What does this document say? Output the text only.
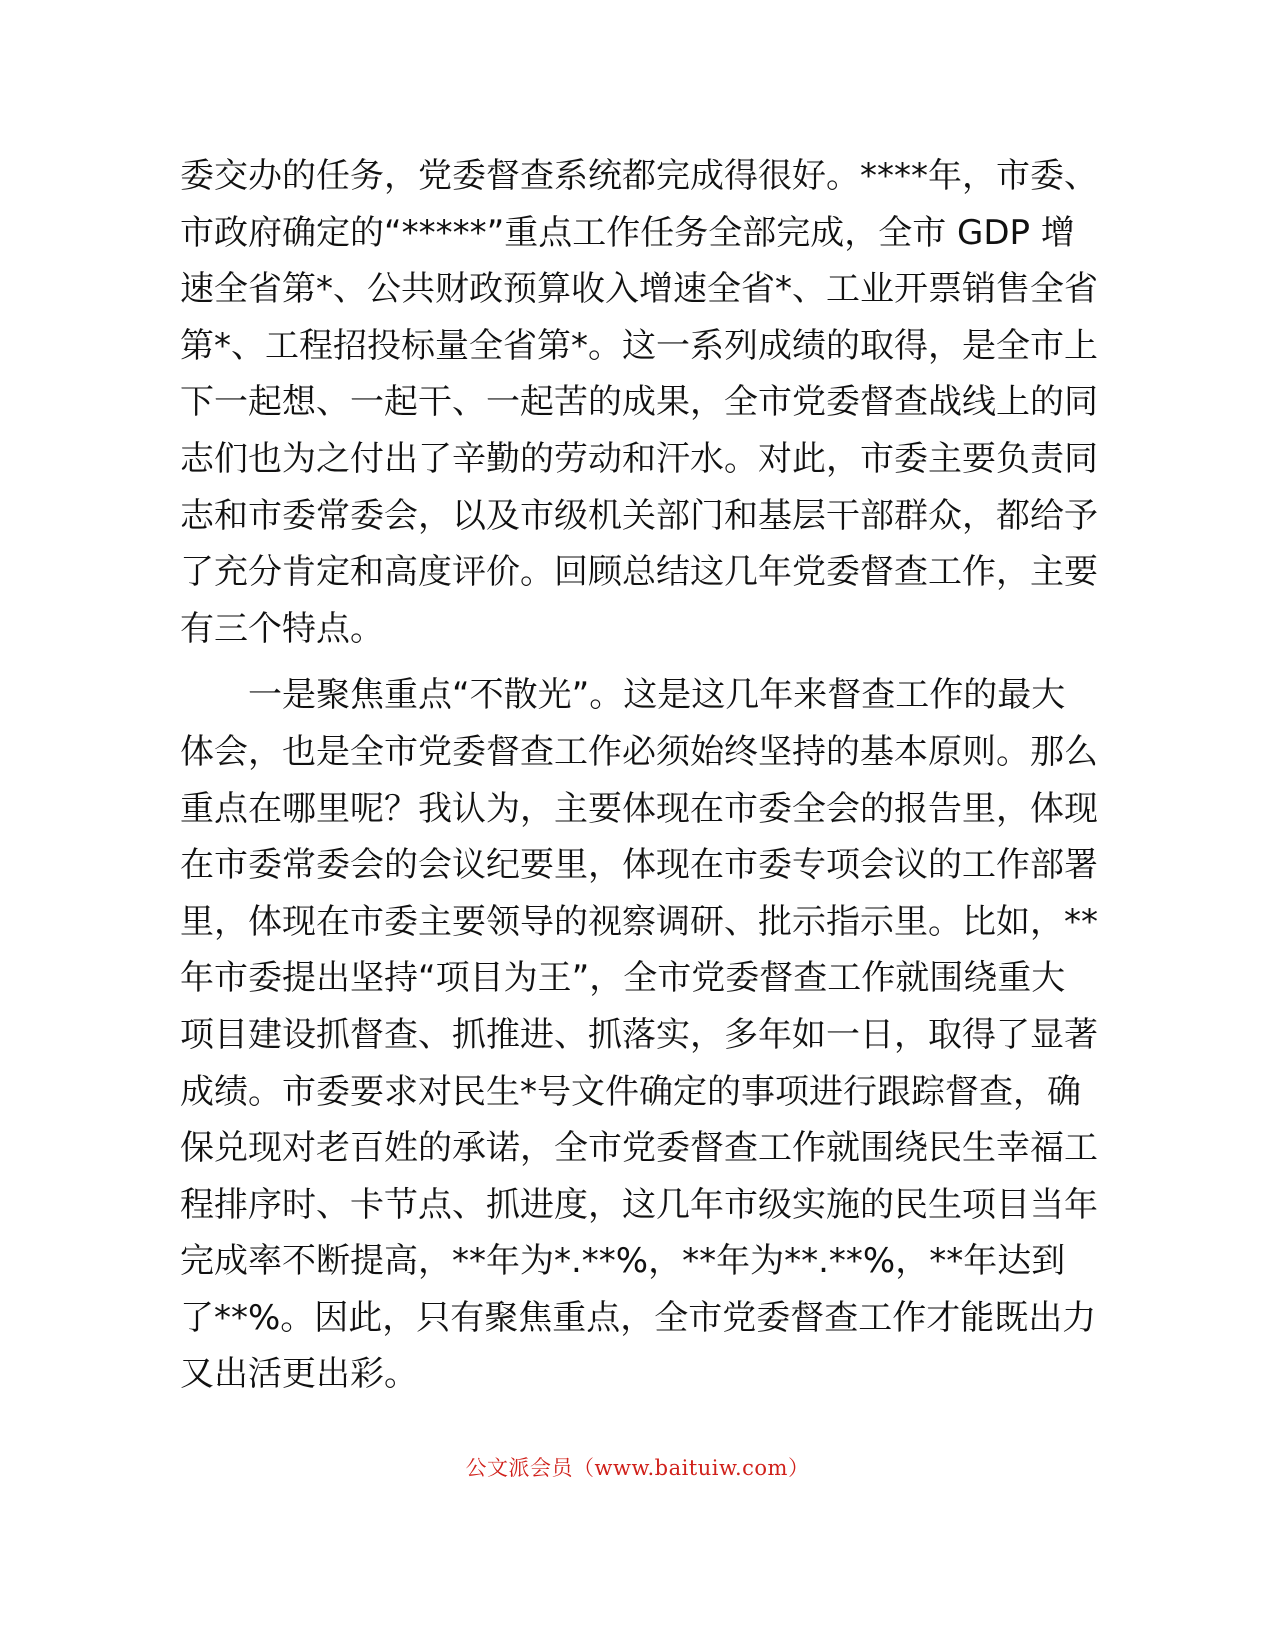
委交办的任务，党委督查系统都完成得很好。****年，市委、
市政府确定的“*****”重点工作任务全部完成，全市 GDP 增
速全省第*、公共财政预算收入增速全省*、工业开票销售全省
第*、工程招投标量全省第*。这一系列成绩的取得，是全市上
下一起想、一起干、一起苦的成果，全市党委督查战线上的同
志们也为之付出了辛勤的劳动和汗水。对此，市委主要负责同
志和市委常委会，以及市级机关部门和基层干部群众，都给予
了充分肯定和高度评价。回顾总结这几年党委督查工作，主要
有三个特点。
一是聚焦重点“不散光”。这是这几年来督查工作的最大
体会，也是全市党委督查工作必须始终坚持的基本原则。那么
重点在哪里呢？我认为，主要体现在市委全会的报告里，体现
在市委常委会的会议纪要里，体现在市委专项会议的工作部署
里，体现在市委主要领导的视察调研、批示指示里。比如，**
年市委提出坚持“项目为王”，全市党委督查工作就围绕重大
项目建设抓督查、抓推进、抓落实，多年如一日，取得了显著
成绩。市委要求对民生*号文件确定的事项进行跟踪督查，确
保兑现对老百姓的承诺，全市党委督查工作就围绕民生幸福工
程排序时、卡节点、抓进度，这几年市级实施的民生项目当年
完成率不断提高，**年为*.**%，**年为**.**%，**年达到
了**%。因此，只有聚焦重点，全市党委督查工作才能既出力
又出活更出彩。
公文派会员（www.baituiw.com）
